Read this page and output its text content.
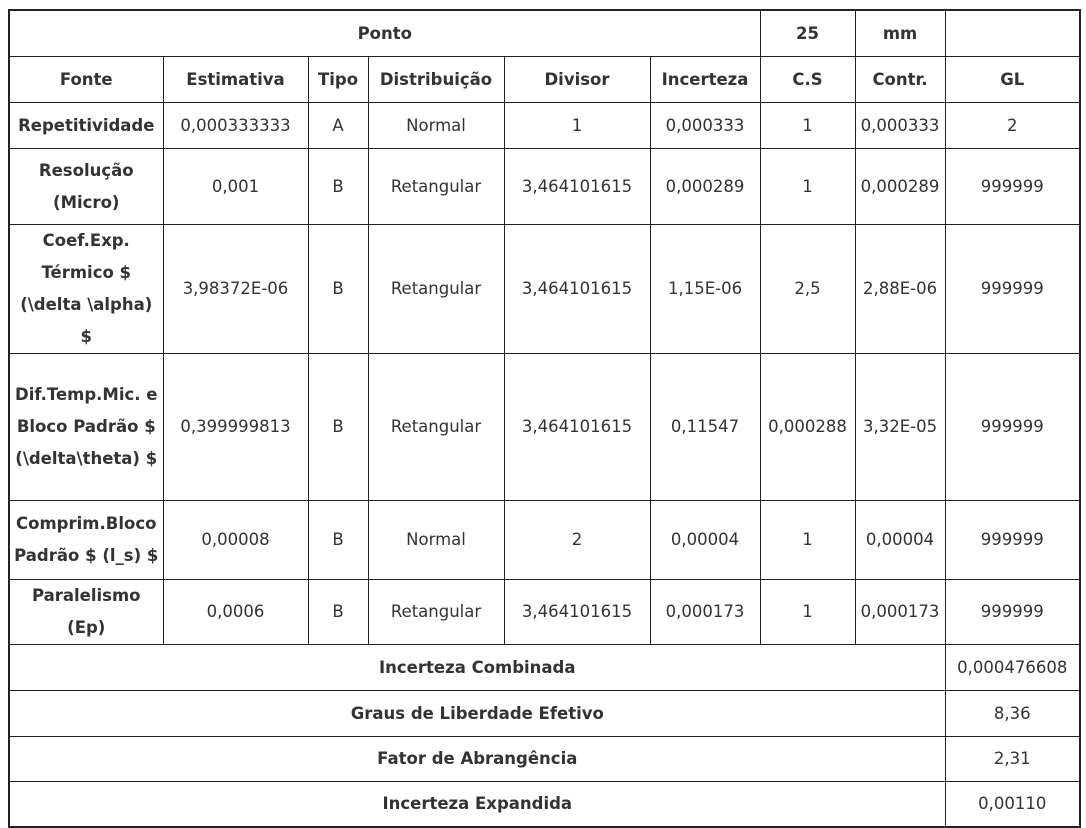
Ponto						25	mm	
Fonte	Estimativa	Tipo	Distribuição	Divisor	Incerteza	C.S	Contr.	GL
Repetitividade	0,000333333	A	Normal	1	0,000333	1	0,000333	2
Resolução (Micro)	0,001	B	Retangular	3,464101615	0,000289	1	0,000289	999999
Coef.Exp. Térmico $ (\delta \alpha) $	3,98372E-06	B	Retangular	3,464101615	1,15E-06	2,5	2,88E-06	999999
Dif.Temp.Mic. e Bloco Padrão $ (\delta\theta) $	0,399999813	B	Retangular	3,464101615	0,11547	0,000288	3,32E-05	999999
Comprim.Bloco Padrão $ (l_s) $	0,00008	B	Normal	2	0,00004	1	0,00004	999999
Paralelismo (Ep)	0,0006	B	Retangular	3,464101615	0,000173	1	0,000173	999999
Incerteza Combinada								0,000476608
Graus de Liberdade Efetivo								8,36
Fator de Abrangência								2,31
Incerteza Expandida								0,00110
